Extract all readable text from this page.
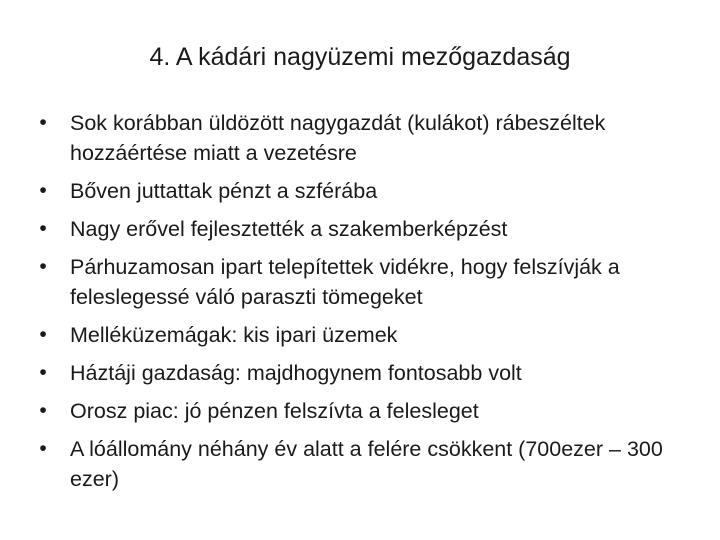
4. A kádári nagyüzemi mezőgazdaság
• Sok korábban üldözött nagygazdát (kulákot) rábeszéltek hozzáértése miatt a vezetésre
• Bőven juttattak pénzt a szférába
• Nagy erővel fejlesztették a szakemberképzést
• Párhuzamosan ipart telepítettek vidékre, hogy felszívják a feleslegessé váló paraszti tömegeket
• Melléküzemágak: kis ipari üzemek
• Háztáji gazdaság: majdhogynem fontosabb volt
• Orosz piac: jó pénzen felszívta a felesleget
• A lóállomány néhány év alatt a felére csökkent (700ezer – 300 ezer)
